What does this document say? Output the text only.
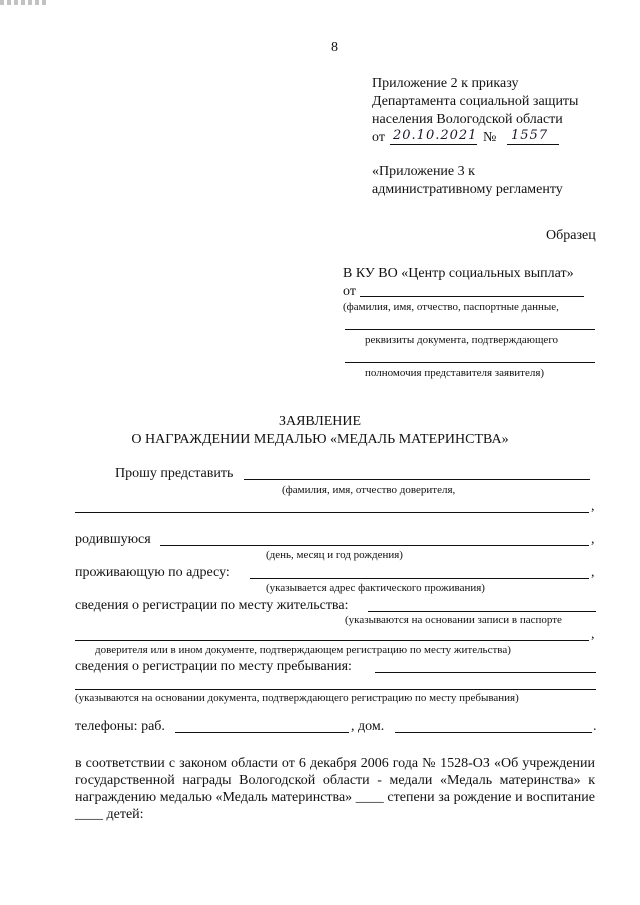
8
Приложение 2 к приказу
Департамента социальной защиты
населения Вологодской области
от 20.10.2021 № 1557
«Приложение 3 к
административному регламенту
Образец
В КУ ВО «Центр социальных выплат»
от
(фамилия, имя, отчество, паспортные данные,
реквизиты документа, подтверждающего
полномочия представителя заявителя)
ЗАЯВЛЕНИЕ
О НАГРАЖДЕНИИ МЕДАЛЬЮ «МЕДАЛЬ МАТЕРИНСТВА»
Прошу представить
(фамилия, имя, отчество доверителя,
,
родившуюся	,
(день, месяц и год рождения)
проживающую по адресу:	,
(указывается адрес фактического проживания)
сведения о регистрации по месту жительства:
(указываются на основании записи в паспорте
,
доверителя или в ином документе, подтверждающем регистрацию по месту жительства)
сведения о регистрации по месту пребывания:
(указываются на основании документа, подтверждающего регистрацию по месту пребывания)
телефоны: раб.	, дом.	.
в соответствии с законом области от 6 декабря 2006 года № 1528-ОЗ «Об учреждении государственной награды Вологодской области - медали «Медаль материнства» к награждению медалью «Медаль материнства» ____ степени за рождение и воспитание ____ детей:
